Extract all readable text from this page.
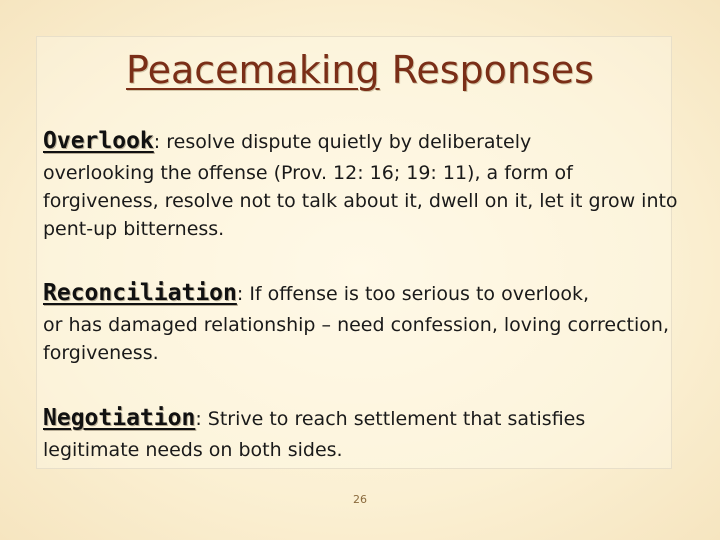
Peacemaking Responses
Overlook: resolve dispute quietly by deliberately
overlooking the offense (Prov. 12: 16; 19: 11), a form of forgiveness, resolve not to talk about it, dwell on it, let it grow into pent-up bitterness.
Reconciliation: If offense is too serious to overlook,
or has damaged relationship – need confession, loving correction, forgiveness.
Negotiation: Strive to reach settlement that satisfies
legitimate needs on both sides.
26
